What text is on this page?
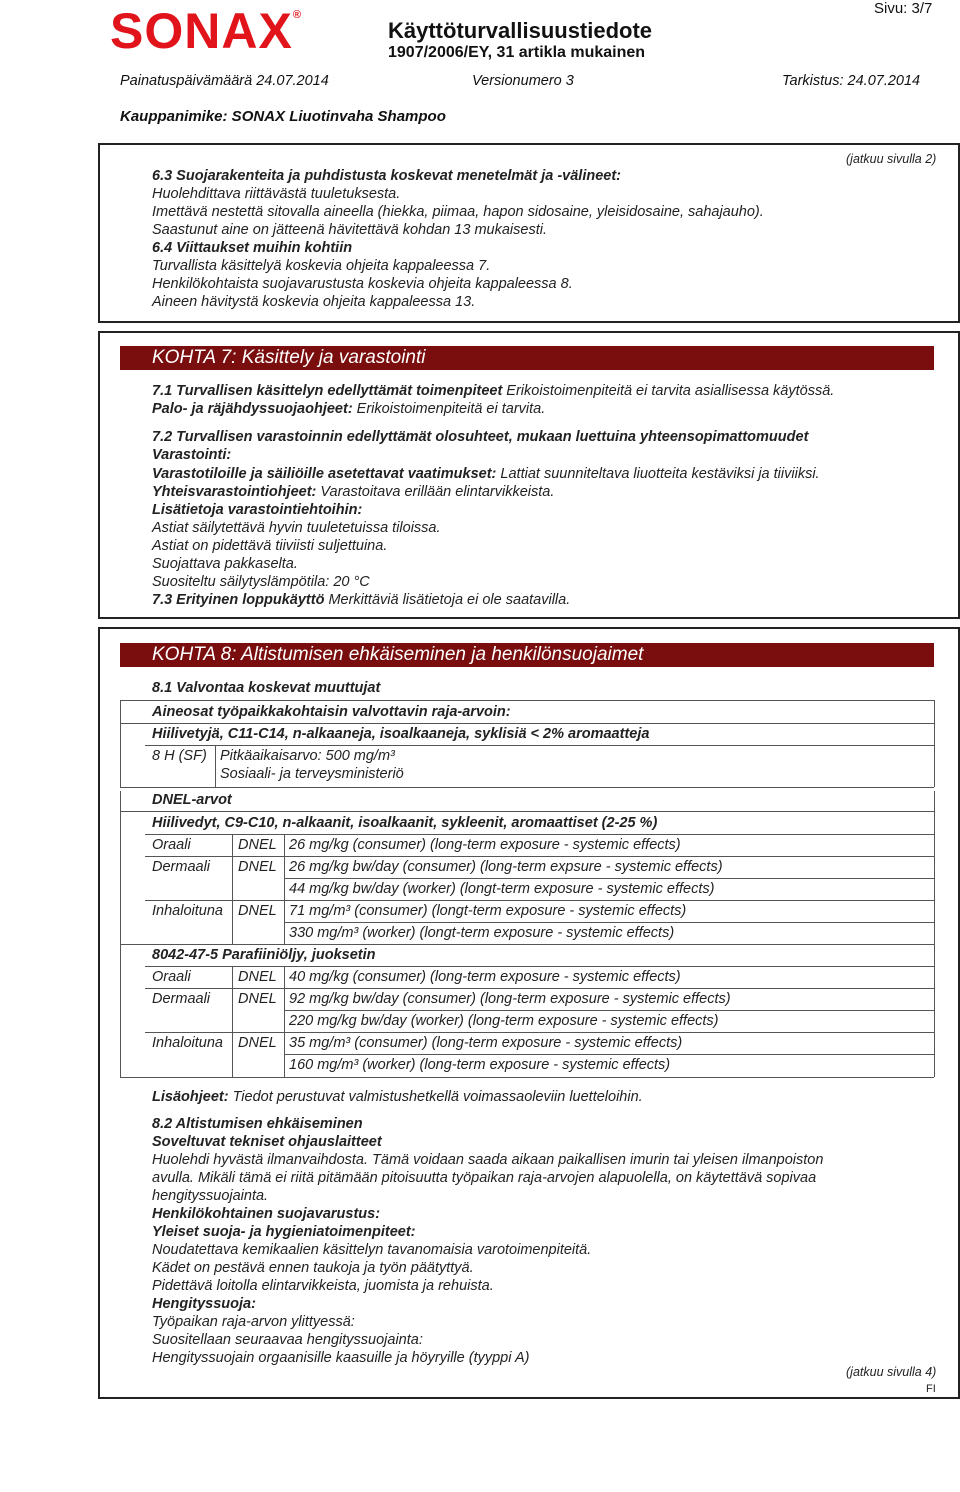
SONAX®
Käyttöturvallisuustiedote
1907/2006/EY, 31 artikla mukainen
Sivu: 3/7
Painatuspäivämäärä 24.07.2014	Versionumero 3	Tarkistus: 24.07.2014
Kauppanimike: SONAX Liuotinvaha Shampoo
(jatkuu sivulla 2)
6.3 Suojarakenteita ja puhdistusta koskevat menetelmät ja -välineet:
Huolehdittava riittävästä tuuletuksesta.
Imettävä nestettä sitovalla aineella (hiekka, piimaa, hapon sidosaine, yleisidosaine, sahajauho).
Saastunut aine on jätteenä hävitettävä kohdan 13 mukaisesti.
6.4 Viittaukset muihin kohtiin
Turvallista käsittelyä koskevia ohjeita kappaleessa 7.
Henkilökohtaista suojavarustusta koskevia ohjeita kappaleessa 8.
Aineen hävitystä koskevia ohjeita kappaleessa 13.
KOHTA 7: Käsittely ja varastointi
7.1 Turvallisen käsittelyn edellyttämät toimenpiteet Erikoistoimenpiteitä ei tarvita asiallisessa käytössä.
Palo- ja räjähdyssuojaohjeet: Erikoistoimenpiteitä ei tarvita.
7.2 Turvallisen varastoinnin edellyttämät olosuhteet, mukaan luettuina yhteensopimattomuudet
Varastointi:
Varastotiloille ja säiliöille asetettavat vaatimukset: Lattiat suunniteltava liuotteita kestäviksi ja tiiviiksi.
Yhteisvarastointiohjeet: Varastoitava erillään elintarvikkeista.
Lisätietoja varastointiehtoihin:
Astiat säilytettävä hyvin tuuletetuissa tiloissa.
Astiat on pidettävä tiiviisti suljettuina.
Suojattava pakkaselta.
Suositeltu säilytyslämpötila: 20 °C
7.3 Erityinen loppukäyttö Merkittäviä lisätietoja ei ole saatavilla.
KOHTA 8: Altistumisen ehkäiseminen ja henkilönsuojaimet
8.1 Valvontaa koskevat muuttujat
Aineosat työpaikkakohtaisin valvottavin raja-arvoin:
Hiilivetyjä, C11-C14, n-alkaaneja, isoalkaaneja, syklisiä < 2% aromaatteja
8 H (SF) Pitkäaikaisarvo: 500 mg/m³
Sosiaali- ja terveysministeriö
DNEL-arvot
Hiilivedyt, C9-C10, n-alkaanit, isoalkaanit, sykleenit, aromaattiset (2-25 %)
Oraali	DNEL 26 mg/kg (consumer) (long-term exposure - systemic effects)
Dermaali DNEL 26 mg/kg bw/day (consumer) (long-term expsure - systemic effects)
44 mg/kg bw/day (worker) (longt-term exposure - systemic effects)
Inhaloituna DNEL 71 mg/m³ (consumer) (longt-term exposure - systemic effects)
330 mg/m³ (worker) (longt-term exposure - systemic effects)
8042-47-5 Parafiiniöljy, juoksetin
Oraali	DNEL 40 mg/kg (consumer) (long-term exposure - systemic effects)
Dermaali DNEL 92 mg/kg bw/day (consumer) (long-term exposure - systemic effects)
220 mg/kg bw/day (worker) (long-term exposure - systemic effects)
Inhaloituna DNEL 35 mg/m³ (consumer) (long-term exposure - systemic effects)
160 mg/m³ (worker) (long-term exposure - systemic effects)
Lisäohjeet: Tiedot perustuvat valmistushetkellä voimassaoleviin luetteloihin.
8.2 Altistumisen ehkäiseminen
Soveltuvat tekniset ohjauslaitteet
Huolehdi hyvästä ilmanvaihdosta. Tämä voidaan saada aikaan paikallisen imurin tai yleisen ilmanpoiston
avulla. Mikäli tämä ei riitä pitämään pitoisuutta työpaikan raja-arvojen alapuolella, on käytettävä sopivaa
hengityssuojainta.
Henkilökohtainen suojavarustus:
Yleiset suoja- ja hygieniatoimenpiteet:
Noudatettava kemikaalien käsittelyn tavanomaisia varotoimenpiteitä.
Kädet on pestävä ennen taukoja ja työn päätyttyä.
Pidettävä loitolla elintarvikkeista, juomista ja rehuista.
Hengityssuoja:
Työpaikan raja-arvon ylittyessä:
Suositellaan seuraavaa hengityssuojainta:
Hengityssuojain orgaanisille kaasuille ja höyryille (tyyppi A)
(jatkuu sivulla 4)
FI
